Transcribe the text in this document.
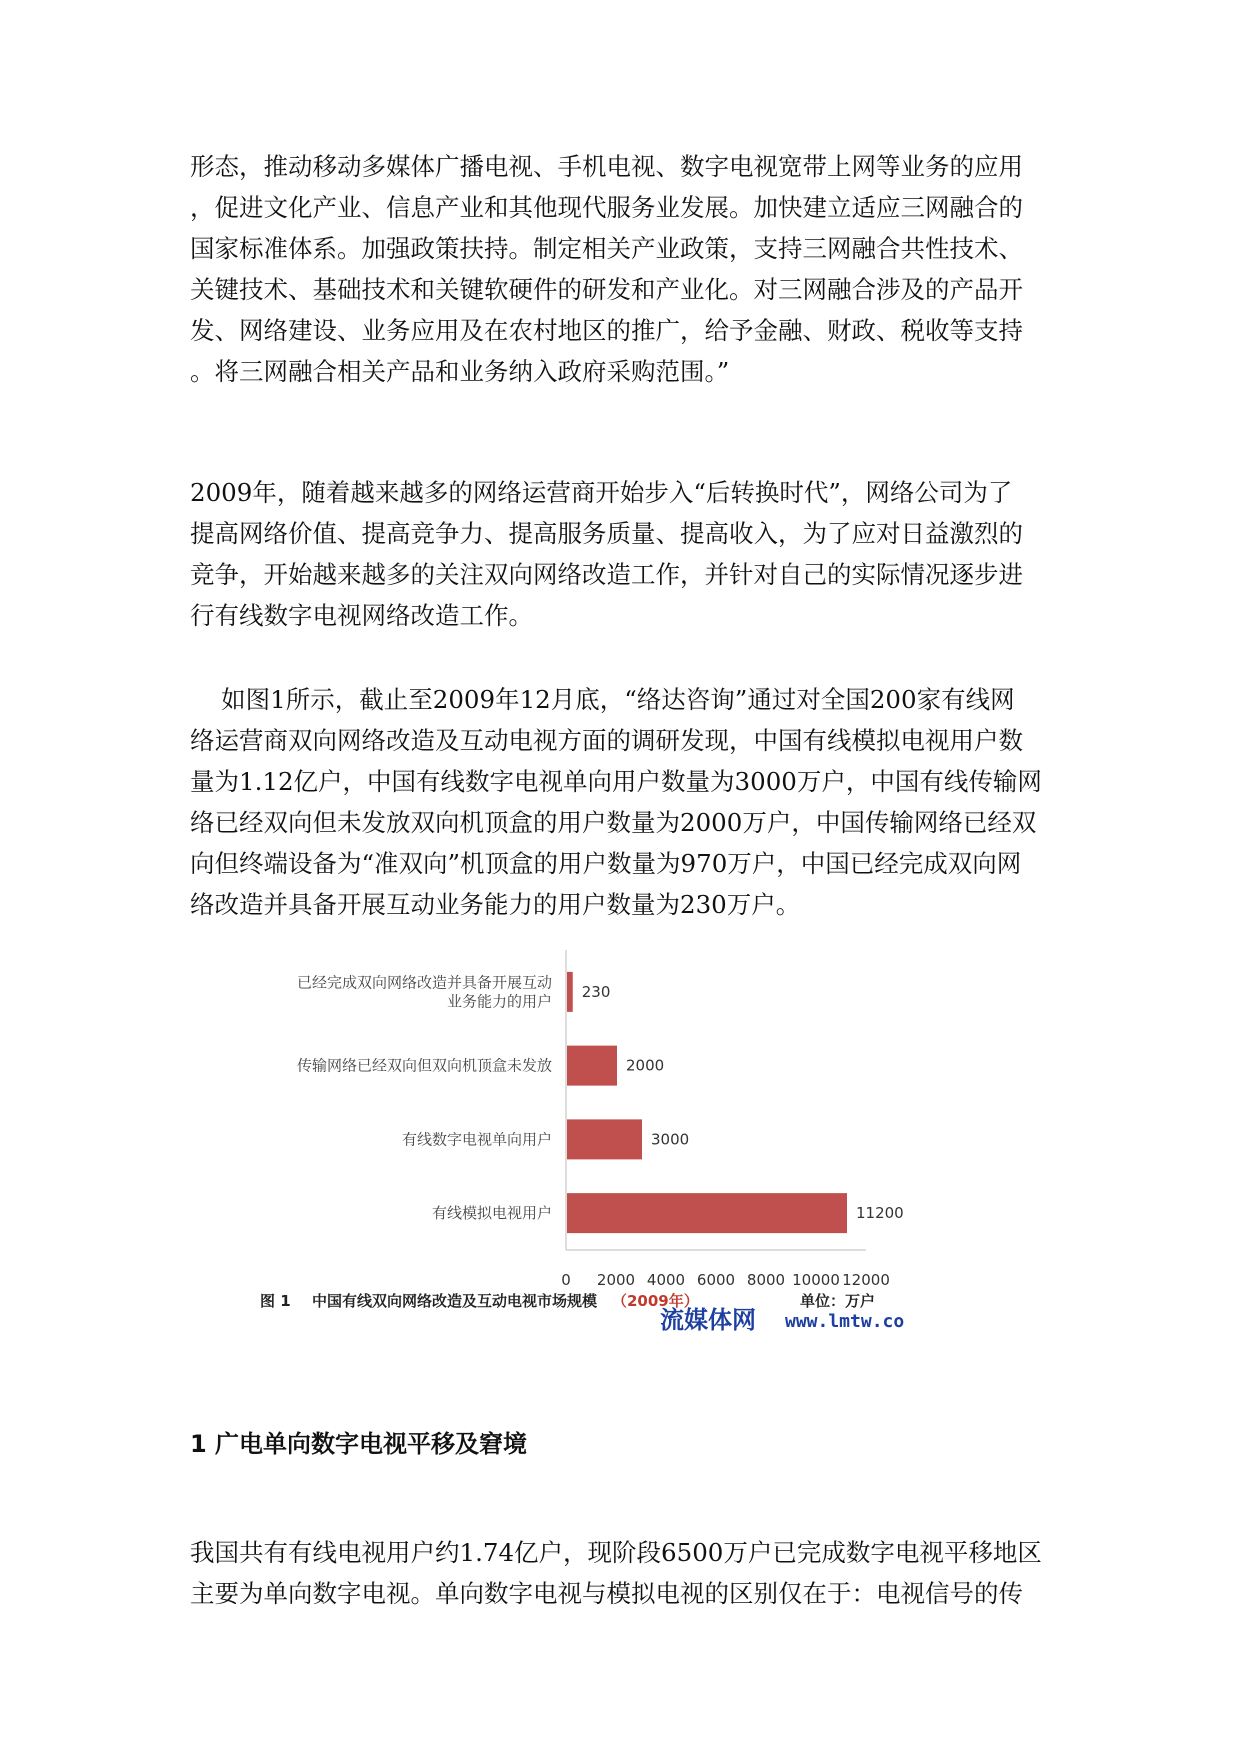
形态，推动移动多媒体广播电视、手机电视、数字电视宽带上网等业务的应用
，促进文化产业、信息产业和其他现代服务业发展。加快建立适应三网融合的
国家标准体系。加强政策扶持。制定相关产业政策，支持三网融合共性技术、
关键技术、基础技术和关键软硬件的研发和产业化。对三网融合涉及的产品开
发、网络建设、业务应用及在农村地区的推广，给予金融、财政、税收等支持
。将三网融合相关产品和业务纳入政府采购范围。”
2009年，随着越来越多的网络运营商开始步入“后转换时代”，网络公司为了
提高网络价值、提高竞争力、提高服务质量、提高收入，为了应对日益激烈的
竞争，开始越来越多的关注双向网络改造工作，并针对自己的实际情况逐步进
行有线数字电视网络改造工作。
如图1所示，截止至2009年12月底，“络达咨询”通过对全国200家有线网
络运营商双向网络改造及互动电视方面的调研发现，中国有线模拟电视用户数
量为1.12亿户，中国有线数字电视单向用户数量为3000万户，中国有线传输网
络已经双向但未发放双向机顶盒的用户数量为2000万户，中国传输网络已经双
向但终端设备为“准双向”机顶盒的用户数量为970万户，中国已经完成双向网
络改造并具备开展互动业务能力的用户数量为230万户。
230
已经完成双向网络改造并具备开展互动
业务能力的用户
2000
传输网络已经双向但双向机顶盒未发放
3000
有线数字电视单向用户
11200
有线模拟电视用户
0 2000 4000 6000 8000 10000 12000
图 1 中国有线双向网络改造及互动电视市场规模 （2009年）	单位：万户
流媒体网 www.lmtw.co
1 广电单向数字电视平移及窘境
我国共有有线电视用户约1.74亿户，现阶段6500万户已完成数字电视平移地区
主要为单向数字电视。单向数字电视与模拟电视的区别仅在于：电视信号的传
